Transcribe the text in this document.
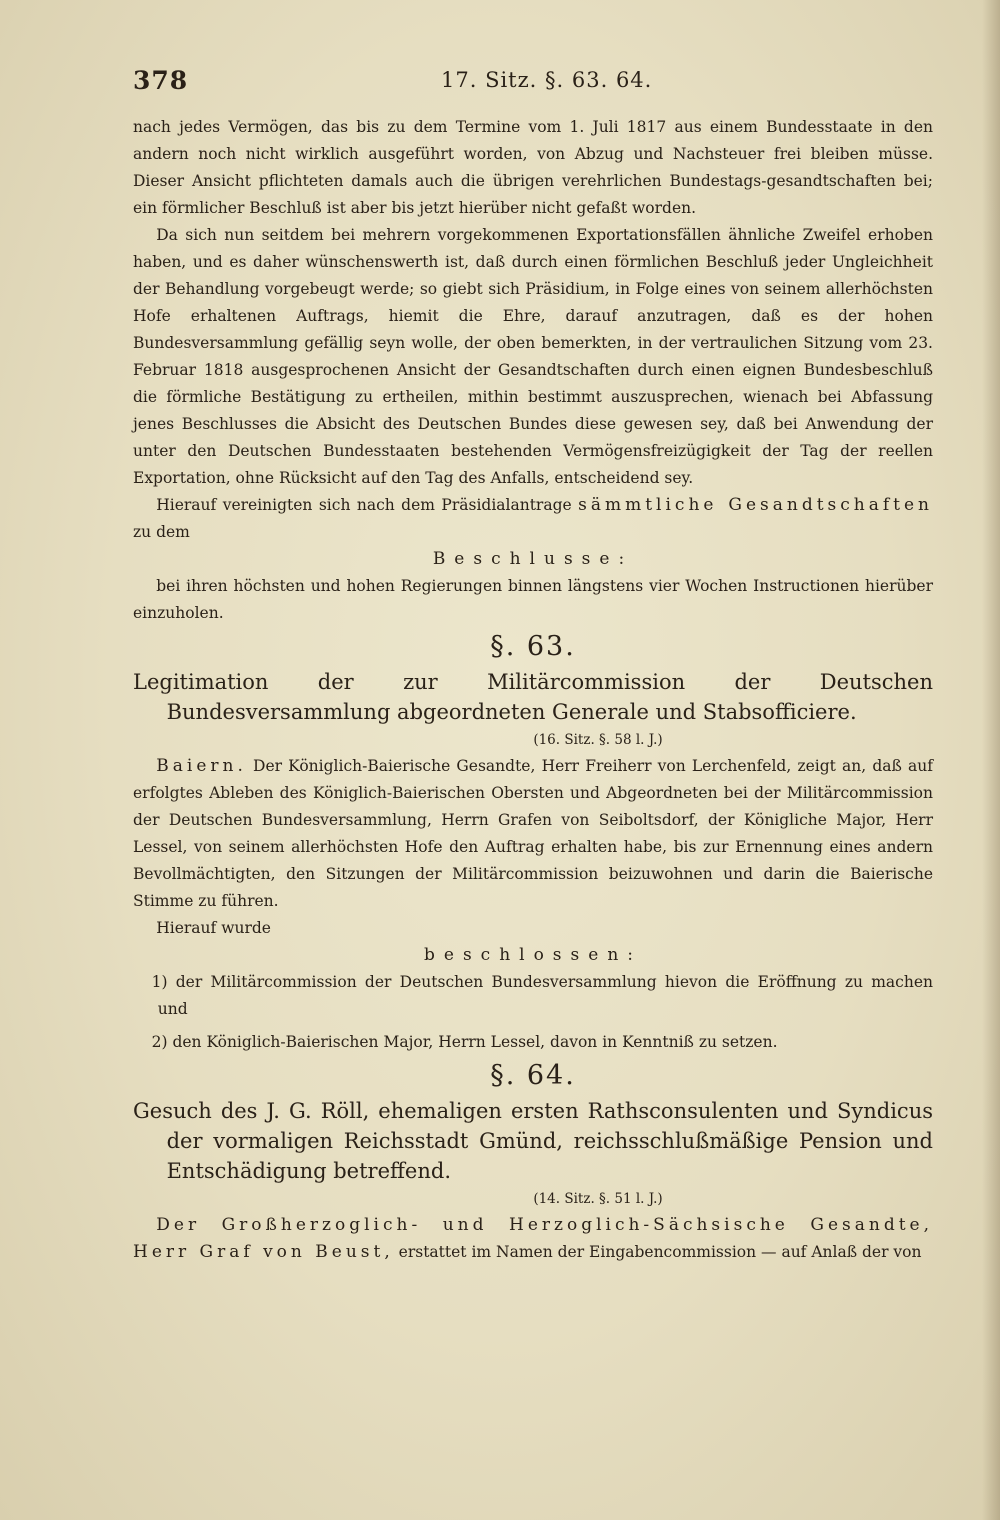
378	17. Sitz. §. 63. 64.

nach jedes Vermögen, das bis zu dem Termine vom 1. Juli 1817 aus einem Bundesstaate in den andern noch nicht wirklich ausgeführt worden, von Abzug und Nachsteuer frei bleiben müsse. Dieser Ansicht pflichteten damals auch die übrigen verehrlichen Bundestags-gesandtschaften bei; ein förmlicher Beschluß ist aber bis jetzt hierüber nicht gefaßt worden.

Da sich nun seitdem bei mehrern vorgekommenen Exportationsfällen ähnliche Zweifel erhoben haben, und es daher wünschenswerth ist, daß durch einen förmlichen Beschluß jeder Ungleichheit der Behandlung vorgebeugt werde; so giebt sich Präsidium, in Folge eines von seinem allerhöchsten Hofe erhaltenen Auftrags, hiemit die Ehre, darauf anzutragen, daß es der hohen Bundesversammlung gefällig seyn wolle, der oben bemerkten, in der vertraulichen Sitzung vom 23. Februar 1818 ausgesprochenen Ansicht der Gesandtschaften durch einen eignen Bundesbeschluß die förmliche Bestätigung zu ertheilen, mithin bestimmt auszusprechen, wienach bei Abfassung jenes Beschlusses die Absicht des Deutschen Bundes diese gewesen sey, daß bei Anwendung der unter den Deutschen Bundesstaaten bestehenden Vermögensfreizügigkeit der Tag der reellen Exportation, ohne Rücksicht auf den Tag des Anfalls, entscheidend sey.

Hierauf vereinigten sich nach dem Präsidialantrage sämmtliche Gesandtschaften zu dem

Beschlusse:

bei ihren höchsten und hohen Regierungen binnen längstens vier Wochen Instructionen hierüber einzuholen.

§. 63.

Legitimation der zur Militärcommission der Deutschen Bundesversammlung abgeordneten Generale und Stabsofficiere.

(16. Sitz. §. 58 l. J.)

Baiern. Der Königlich-Baierische Gesandte, Herr Freiherr von Lerchenfeld, zeigt an, daß auf erfolgtes Ableben des Königlich-Baierischen Obersten und Abgeordneten bei der Militärcommission der Deutschen Bundesversammlung, Herrn Grafen von Seiboltsdorf, der Königliche Major, Herr Lessel, von seinem allerhöchsten Hofe den Auftrag erhalten habe, bis zur Ernennung eines andern Bevollmächtigten, den Sitzungen der Militärcommission beizuwohnen und darin die Baierische Stimme zu führen.

Hierauf wurde

beschlossen:

1) der Militärcommission der Deutschen Bundesversammlung hievon die Eröffnung zu machen und

2) den Königlich-Baierischen Major, Herrn Lessel, davon in Kenntniß zu setzen.

§. 64.

Gesuch des J. G. Röll, ehemaligen ersten Rathsconsulenten und Syndicus der vormaligen Reichsstadt Gmünd, reichsschlußmäßige Pension und Entschädigung betreffend.

(14. Sitz. §. 51 l. J.)

Der Großherzoglich- und Herzoglich-Sächsische Gesandte, Herr Graf von Beust, erstattet im Namen der Eingabencommission — auf Anlaß der von
